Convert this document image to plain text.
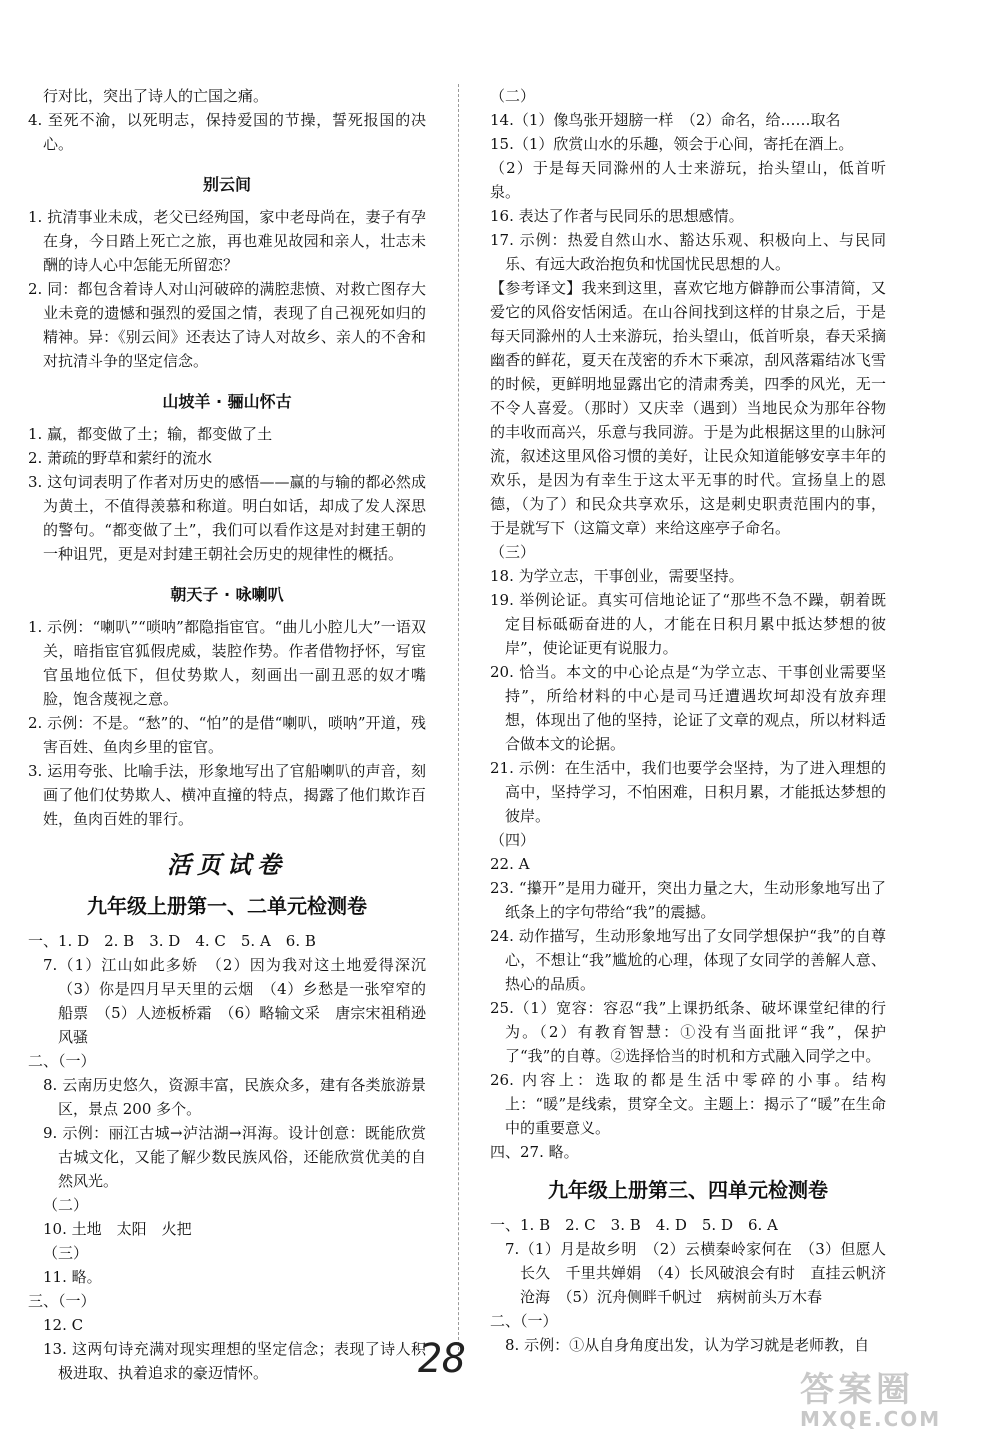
行对比，突出了诗人的亡国之痛。
4. 至死不渝，以死明志，保持爱国的节操，誓死报国的决心。
别云间
1. 抗清事业未成，老父已经殉国，家中老母尚在，妻子有孕在身，今日踏上死亡之旅，再也难见故园和亲人，壮志未酬的诗人心中怎能无所留恋？
2. 同：都包含着诗人对山河破碎的满腔悲愤、对救亡图存大业未竟的遗憾和强烈的爱国之情，表现了自己视死如归的精神。异：《别云间》还表达了诗人对故乡、亲人的不舍和对抗清斗争的坚定信念。
山坡羊 · 骊山怀古
1. 赢，都变做了土；输，都变做了土
2. 萧疏的野草和萦纡的流水
3. 这句词表明了作者对历史的感悟——赢的与输的都必然成为黄土，不值得羡慕和称道。明白如话，却成了发人深思的警句。“都变做了土”，我们可以看作这是对封建王朝的一种诅咒，更是对封建王朝社会历史的规律性的概括。
朝天子 · 咏喇叭
1. 示例：“喇叭”“唢呐”都隐指宦官。“曲儿小腔儿大”一语双关，暗指宦官狐假虎威，装腔作势。作者借物抒怀，写宦官虽地位低下，但仗势欺人，刻画出一副丑恶的奴才嘴脸，饱含蔑视之意。
2. 示例：不是。“愁”的、“怕”的是借“喇叭，唢呐”开道，残害百姓、鱼肉乡里的宦官。
3. 运用夸张、比喻手法，形象地写出了官船喇叭的声音，刻画了他们仗势欺人、横冲直撞的特点，揭露了他们欺诈百姓，鱼肉百姓的罪行。
活页试卷
九年级上册第一、二单元检测卷
一、1. D　2. B　3. D　4. C　5. A　6. B
7.（1）江山如此多娇　（2）因为我对这土地爱得深沉　（3）你是四月早天里的云烟　（4）乡愁是一张窄窄的船票　（5）人迹板桥霜　（6）略输文采　唐宗宋祖稍逊风骚
二、（一）
8. 云南历史悠久，资源丰富，民族众多，建有各类旅游景区，景点 200 多个。
9. 示例：丽江古城→泸沽湖→洱海。设计创意：既能欣赏古城文化，又能了解少数民族风俗，还能欣赏优美的自然风光。
（二）
10. 土地　太阳　火把
（三）
11. 略。
三、（一）
12. C
13. 这两句诗充满对现实理想的坚定信念；表现了诗人积极进取、执着追求的豪迈情怀。
（二）
14.（1）像鸟张开翅膀一样　（2）命名，给……取名
15.（1）欣赏山水的乐趣，领会于心间，寄托在酒上。
（2）于是每天同滁州的人士来游玩，抬头望山，低首听泉。
16. 表达了作者与民同乐的思想感情。
17. 示例：热爱自然山水、豁达乐观、积极向上、与民同乐、有远大政治抱负和忧国忧民思想的人。
【参考译文】我来到这里，喜欢它地方僻静而公事清简，又爱它的风俗安恬闲适。在山谷间找到这样的甘泉之后，于是每天同滁州的人士来游玩，抬头望山，低首听泉，春天采摘幽香的鲜花，夏天在茂密的乔木下乘凉，刮风落霜结冰飞雪的时候，更鲜明地显露出它的清肃秀美，四季的风光，无一不令人喜爱。（那时）又庆幸（遇到）当地民众为那年谷物的丰收而高兴，乐意与我同游。于是为此根据这里的山脉河流，叙述这里风俗习惯的美好，让民众知道能够安享丰年的欢乐，是因为有幸生于这太平无事的时代。宣扬皇上的恩德，（为了）和民众共享欢乐，这是刺史职责范围内的事，于是就写下（这篇文章）来给这座亭子命名。
（三）
18. 为学立志，干事创业，需要坚持。
19. 举例论证。真实可信地论证了“那些不急不躁，朝着既定目标砥砺奋进的人，才能在日积月累中抵达梦想的彼岸”，使论证更有说服力。
20. 恰当。本文的中心论点是“为学立志、干事创业需要坚持”，所给材料的中心是司马迁遭遇坎坷却没有放弃理想，体现出了他的坚持，论证了文章的观点，所以材料适合做本文的论据。
21. 示例：在生活中，我们也要学会坚持，为了进入理想的高中，坚持学习，不怕困难，日积月累，才能抵达梦想的彼岸。
（四）
22. A
23. “攥开”是用力碰开，突出力量之大，生动形象地写出了纸条上的字句带给“我”的震撼。
24. 动作描写，生动形象地写出了女同学想保护“我”的自尊心，不想让“我”尴尬的心理，体现了女同学的善解人意、热心的品质。
25.（1）宽容：容忍“我”上课扔纸条、破坏课堂纪律的行为。（2）有教育智慧：①没有当面批评“我”，保护了“我”的自尊。②选择恰当的时机和方式融入同学之中。
26. 内容上：选取的都是生活中零碎的小事。结构上：“暖”是线索，贯穿全文。主题上：揭示了“暖”在生命中的重要意义。
四、27. 略。
九年级上册第三、四单元检测卷
一、1. B　2. C　3. B　4. D　5. D　6. A
7.（1）月是故乡明　（2）云横秦岭家何在　（3）但愿人长久　千里共婵娟　（4）长风破浪会有时　直挂云帆济沧海　（5）沉舟侧畔千帆过　病树前头万木春
二、（一）
8. 示例：①从自身角度出发，认为学习就是老师教，自
28
答案圈
MXQE.COM
